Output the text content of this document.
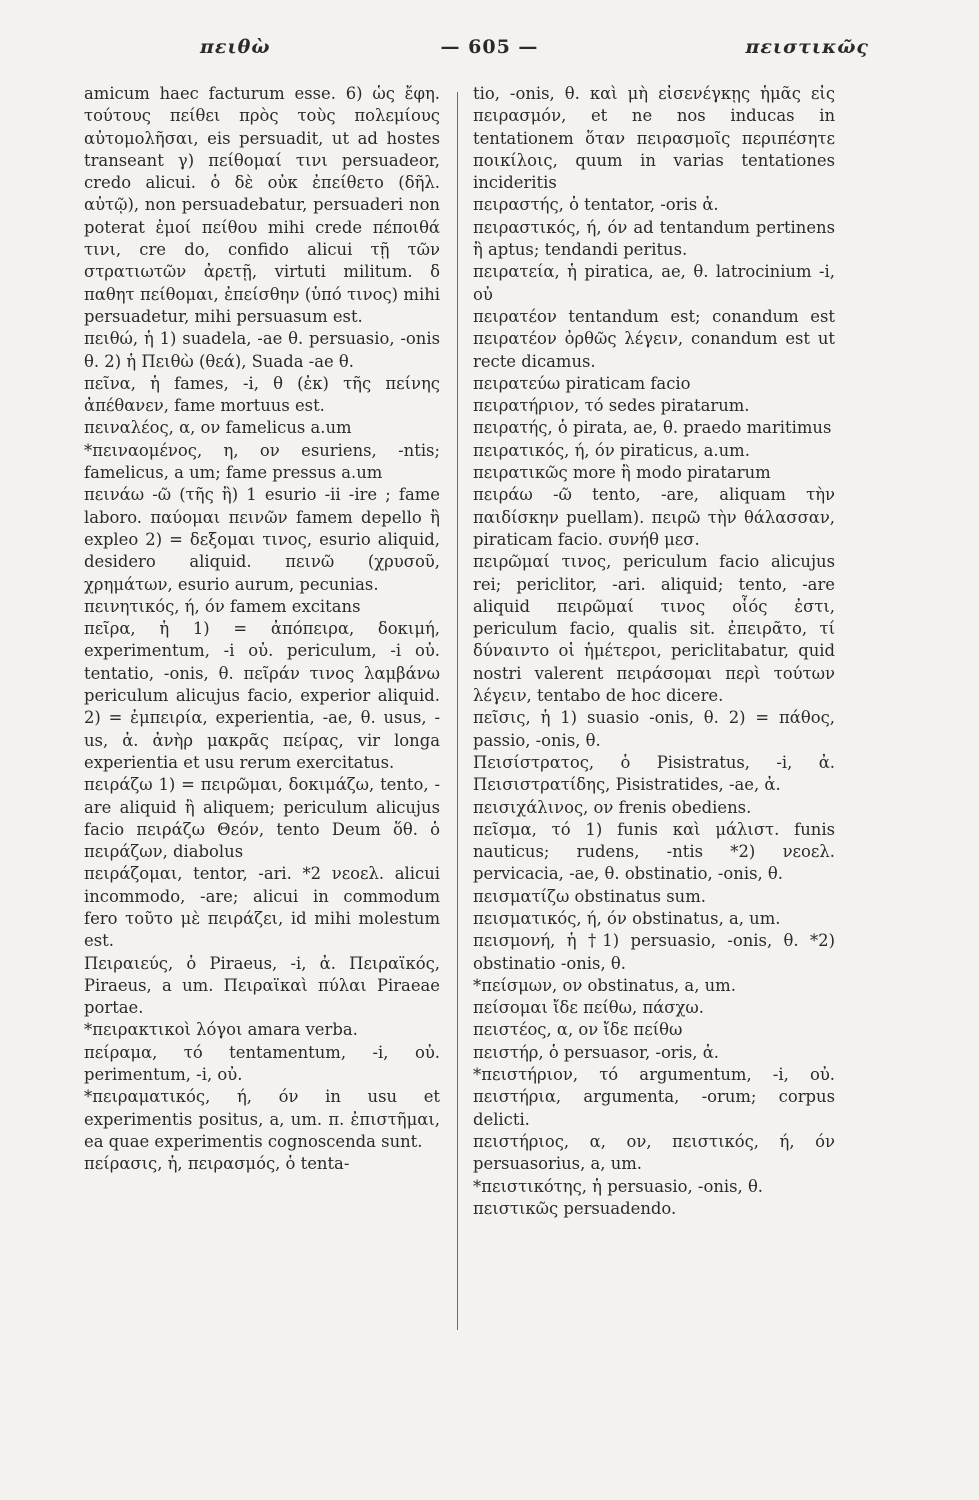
— 605 —
πειθὼ	πειστικῶς

amicum haec facturum esse. 6) ὡς ἔφη. τούτους πείθει πρὸς τοὺς πολεμίους αὐτομολῆσαι, eis persuadit, ut ad hostes transeant γ) πείθομαί τινι persuadeor, credo alicui. ὁ δὲ οὐκ ἐπείθετο (δῆλ. αὐτῷ), non persuadebatur, persuaderi non poterat ἐμοί πείθου mihi crede πέποιθά τινι, cre do, confido alicui τῇ τῶν στρατιωτῶν ἀρετῇ, virtuti militum. δ παθητ πείθομαι, ἐπείσθην (ὑπό τινος) mihi persuadetur, mihi persuasum est.

πειθώ, ἡ 1) suadela, -ae θ. persuasio, -onis θ. 2) ἡ Πειθὼ (θεά), Suada -ae θ.

πεῖνα, ἡ fames, -i, θ (ἐκ) τῆς πείνης ἀπέθανεν, fame mortuus est.

πειναλέος, α, ον famelicus a.um

*πειναομένος, η, ον esuriens, -ntis; famelicus, a um; fame pressus a.um

πεινάω -ῶ (τῆς ἢ) 1 esurio -ii -ire ; fame laboro. παύομαι πεινῶν famem depello ἢ expleo 2) = δεξομαι τινος, esurio aliquid, desidero aliquid. πεινῶ (χρυσοῦ, χρημάτων, esurio aurum, pecunias.

πεινητικός, ή, όν famem excitans

πεῖρα, ἡ 1) = ἀπόπειρα, δοκιμή, experimentum, -i οὐ. periculum, -i οὐ. tentatio, -onis, θ. πεῖράν τινος λαμβάνω periculum alicujus facio, experior aliquid. 2) = ἐμπειρία, experientia, -ae, θ. usus, -us, ἀ. ἀνὴρ μακρᾶς πείρας, vir longa experientia et usu rerum exercitatus.

πειράζω 1) = πειρῶμαι, δοκιμάζω, tento, -are aliquid ἢ aliquem; periculum alicujus facio πειράζω Θεόν, tento Deum ὅθ. ὁ πειράζων, diabolus

πειράζομαι, tentor, -ari. *2 νεοελ. alicui incommodo, -are; alicui in commodum fero τοῦτο μὲ πειράζει, id mihi molestum est.

Πειραιεύς, ὁ Piraeus, -i, ἀ. Πειραϊκός, Piraeus, a um. Πειραϊκαὶ πύλαι Piraeae portae.

*πειρακτικοὶ λόγοι amara verba.

πείραμα, τό tentamentum, -i, οὐ. perimentum, -i, οὐ.

*πειραματικός, ή, όν in usu et experimentis positus, a, um. π. ἐπιστῆμαι, ea quae experimentis cognoscenda sunt.

πείρασις, ἡ, πειρασμός, ὁ tenta-

tio, -onis, θ. καὶ μὴ εἰσενέγκῃς ἡμᾶς εἰς πειρασμόν, et ne nos inducas in tentationem ὅταν πειρασμοῖς περιπέσητε ποικίλοις, quum in varias tentationes incideritis

πειραστής, ὁ tentator, -oris ἀ.

πειραστικός, ή, όν ad tentandum pertinens ἢ aptus; tendandi peritus.

πειρατεία, ἡ piratica, ae, θ. latrocinium -i, οὐ

πειρατέον tentandum est; conandum est πειρατέον ὀρθῶς λέγειν, conandum est ut recte dicamus.

πειρατεύω piraticam facio

πειρατήριον, τό sedes piratarum.

πειρατής, ὁ pirata, ae, θ. praedo maritimus

πειρατικός, ή, όν piraticus, a.um.

πειρατικῶς more ἢ modo piratarum

πειράω -ῶ tento, -are, aliquam τὴν παιδίσκην puellam). πειρῶ τὴν θάλασσαν, piraticam facio. συνήθ μεσ.

πειρῶμαί τινος, periculum facio alicujus rei; periclitor, -ari. aliquid; tento, -are aliquid πειρῶμαί τινος οἷός ἐστι, periculum facio, qualis sit. ἐπειρᾶτο, τί δύναιντο οἱ ἡμέτεροι, periclitabatur, quid nostri valerent πειράσομαι περὶ τούτων λέγειν, tentabo de hoc dicere.

πεῖσις, ἡ 1) suasio -onis, θ. 2) = πάθος, passio, -onis, θ.

Πεισίστρατος, ὁ Pisistratus, -i, ἀ. Πεισιστρατίδης, Pisistratides, -ae, ἀ.

πεισιχάλινος, ον frenis obediens.

πεῖσμα, τό 1) funis καὶ μάλιστ. funis nauticus; rudens, -ntis *2) νεοελ. pervicacia, -ae, θ. obstinatio, -onis, θ.

πεισματίζω obstinatus sum.

πεισματικός, ή, όν obstinatus, a, um.

πεισμονή, ἡ †1) persuasio, -onis, θ. *2) obstinatio -onis, θ.

*πείσμων, ον obstinatus, a, um.

πείσομαι ἴδε πείθω, πάσχω.

πειστέος, α, ον ἴδε πείθω

πειστήρ, ὁ persuasor, -oris, ἀ.

*πειστήριον, τό argumentum, -i, οὐ. πειστήρια, argumenta, -orum; corpus delicti.

πειστήριος, α, ον, πειστικός, ή, όν persuasorius, a, um.

*πειστικότης, ἡ persuasio, -onis, θ.

πειστικῶς persuadendo.
